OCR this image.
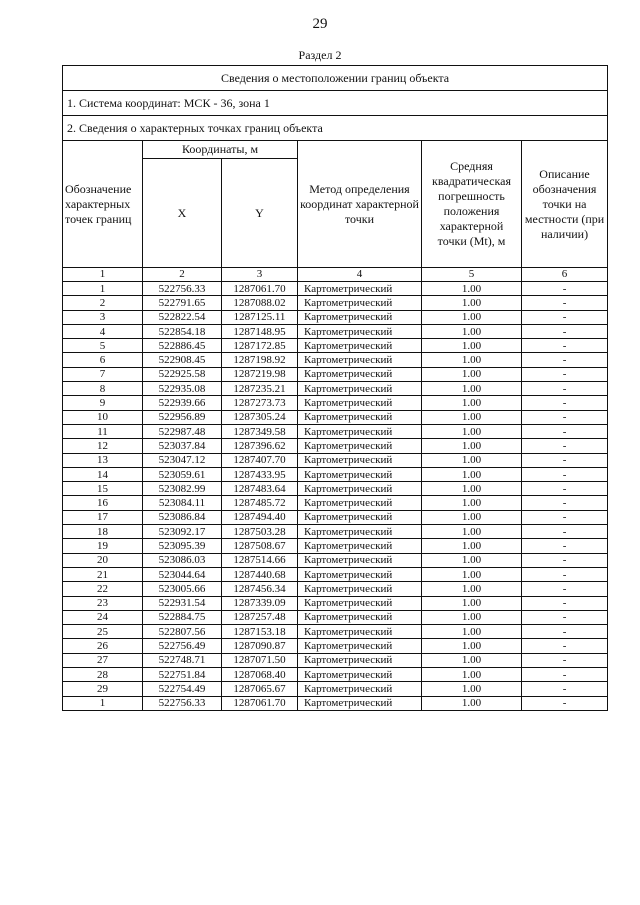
29
Раздел 2
Сведения о местоположении границ объекта					
1. Система координат: МСК - 36, зона 1					
2. Сведения о характерных точках границ объекта					
Обозначение характерных точек границ	Координаты, м		Метод определения координат характерной точки	Средняя квадратическая погрешность положения характерной точки (Mt), м	Описание обозначения точки на местности (при наличии)
	X	Y			
1	2	3	4	5	6
1	522756.33	1287061.70	Картометрический	1.00	-
2	522791.65	1287088.02	Картометрический	1.00	-
3	522822.54	1287125.11	Картометрический	1.00	-
4	522854.18	1287148.95	Картометрический	1.00	-
5	522886.45	1287172.85	Картометрический	1.00	-
6	522908.45	1287198.92	Картометрический	1.00	-
7	522925.58	1287219.98	Картометрический	1.00	-
8	522935.08	1287235.21	Картометрический	1.00	-
9	522939.66	1287273.73	Картометрический	1.00	-
10	522956.89	1287305.24	Картометрический	1.00	-
11	522987.48	1287349.58	Картометрический	1.00	-
12	523037.84	1287396.62	Картометрический	1.00	-
13	523047.12	1287407.70	Картометрический	1.00	-
14	523059.61	1287433.95	Картометрический	1.00	-
15	523082.99	1287483.64	Картометрический	1.00	-
16	523084.11	1287485.72	Картометрический	1.00	-
17	523086.84	1287494.40	Картометрический	1.00	-
18	523092.17	1287503.28	Картометрический	1.00	-
19	523095.39	1287508.67	Картометрический	1.00	-
20	523086.03	1287514.66	Картометрический	1.00	-
21	523044.64	1287440.68	Картометрический	1.00	-
22	523005.66	1287456.34	Картометрический	1.00	-
23	522931.54	1287339.09	Картометрический	1.00	-
24	522884.75	1287257.48	Картометрический	1.00	-
25	522807.56	1287153.18	Картометрический	1.00	-
26	522756.49	1287090.87	Картометрический	1.00	-
27	522748.71	1287071.50	Картометрический	1.00	-
28	522751.84	1287068.40	Картометрический	1.00	-
29	522754.49	1287065.67	Картометрический	1.00	-
1	522756.33	1287061.70	Картометрический	1.00	-
